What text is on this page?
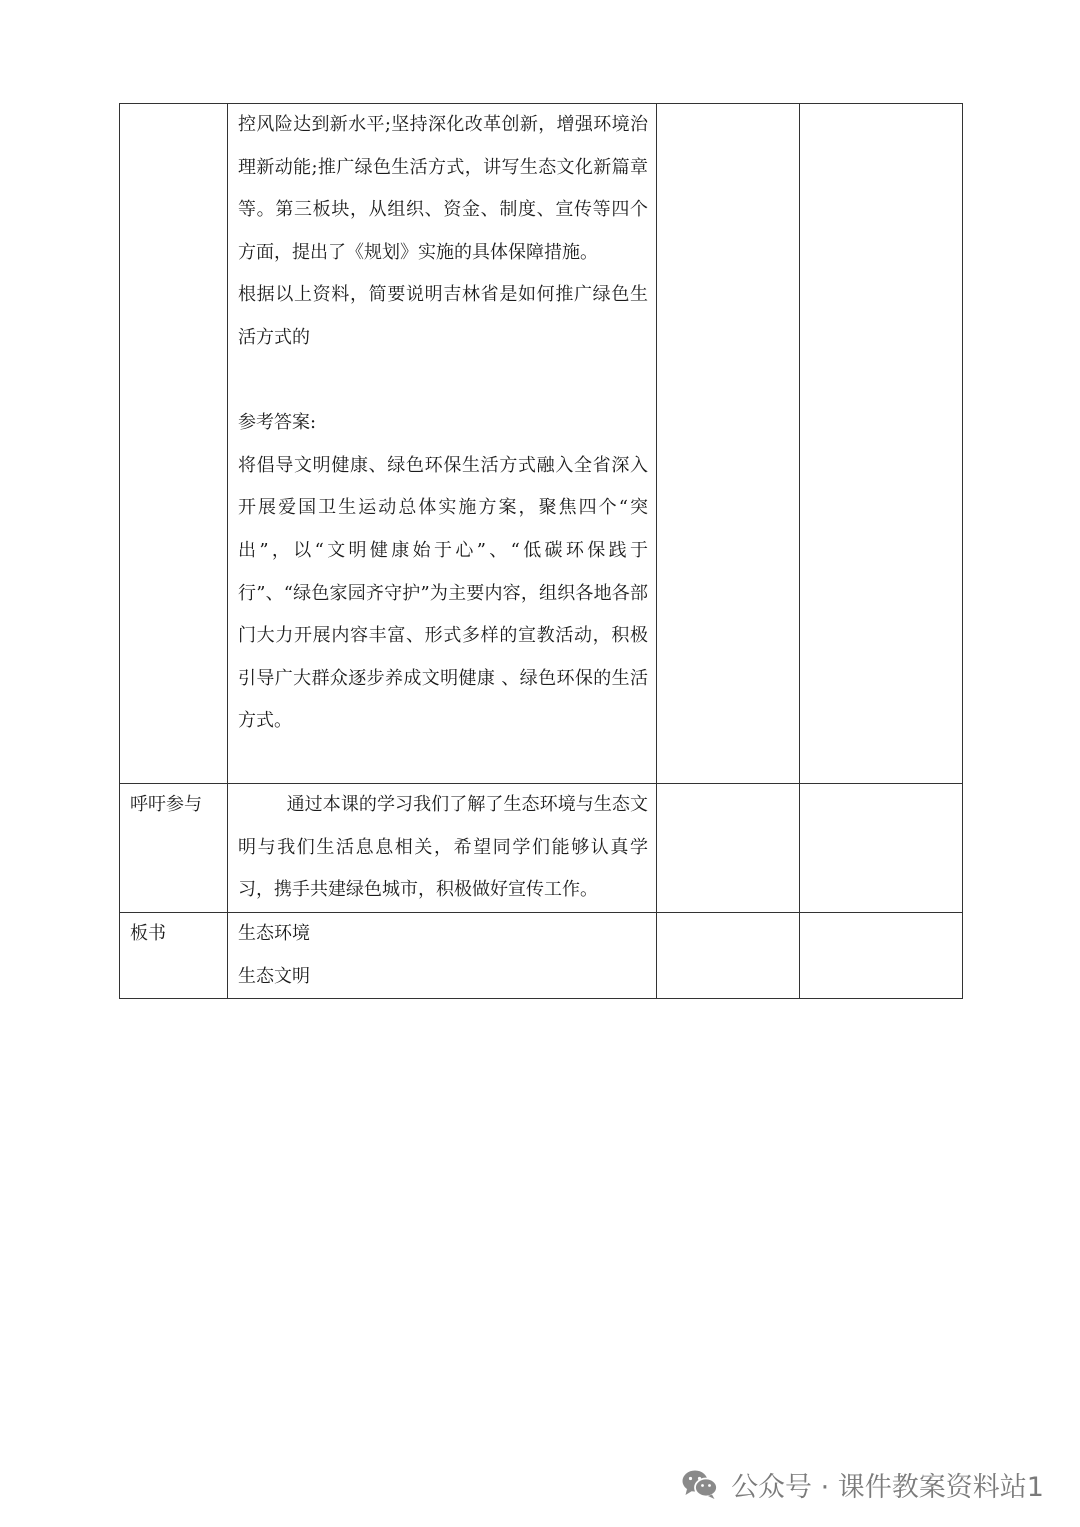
	控风险达到新水平;坚持深化改革创新，增强环境治理新动能;推广绿色生活方式，讲写生态文化新篇章等。第三板块，从组织、资金、制度、宣传等四个方面，提出了《规划》实施的具体保障措施。

根据以上资料，简要说明吉林省是如何推广绿色生活方式的

参考答案:

将倡导文明健康、绿色环保生活方式融入全省深入开展爱国卫生运动总体实施方案，聚焦四个“突出”，以“文明健康始于心”、“低碳环保践于行”、“绿色家园齐守护”为主要内容，组织各地各部门大力开展内容丰富、形式多样的宣教活动，积极引导广大群众逐步养成文明健康 、绿色环保的生活方式。		

呼吁参与	通过本课的学习我们了解了生态环境与生态文明与我们生活息息相关，希望同学们能够认真学习，携手共建绿色城市，积极做好宣传工作。		

板书	生态环境

生态文明		

公众号 · 课件教案资料站1
